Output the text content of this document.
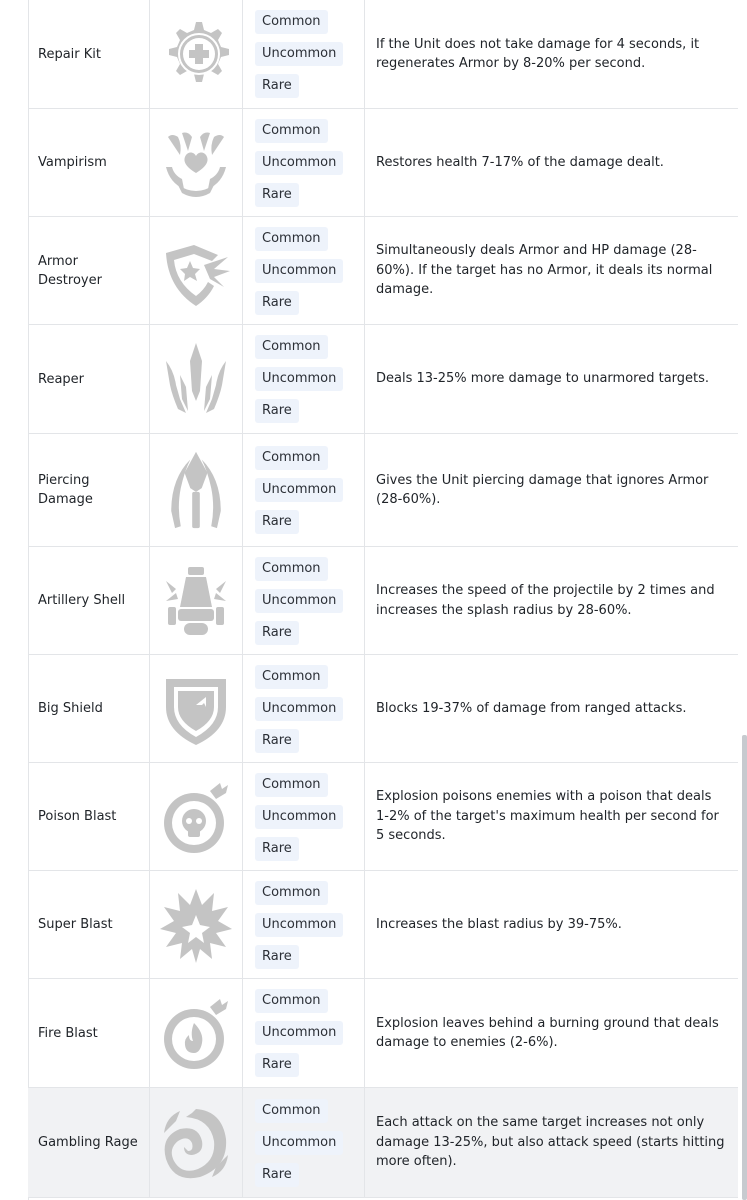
Repair Kit
Common
Uncommon
Rare
If the Unit does not take damage for 4 seconds, it regenerates Armor by 8-20% per second.
Vampirism
Common
Uncommon
Rare
Restores health 7-17% of the damage dealt.
Armor Destroyer
Common
Uncommon
Rare
Simultaneously deals Armor and HP damage (28-60%). If the target has no Armor, it deals its normal damage.
Reaper
Common
Uncommon
Rare
Deals 13-25% more damage to unarmored targets.
Piercing Damage
Common
Uncommon
Rare
Gives the Unit piercing damage that ignores Armor (28-60%).
Artillery Shell
Common
Uncommon
Rare
Increases the speed of the projectile by 2 times and increases the splash radius by 28-60%.
Big Shield
Common
Uncommon
Rare
Blocks 19-37% of damage from ranged attacks.
Poison Blast
Common
Uncommon
Rare
Explosion poisons enemies with a poison that deals 1-2% of the target's maximum health per second for 5 seconds.
Super Blast
Common
Uncommon
Rare
Increases the blast radius by 39-75%.
Fire Blast
Common
Uncommon
Rare
Explosion leaves behind a burning ground that deals damage to enemies (2-6%).
Gambling Rage
Common
Uncommon
Rare
Each attack on the same target increases not only damage 13-25%, but also attack speed (starts hitting more often).
